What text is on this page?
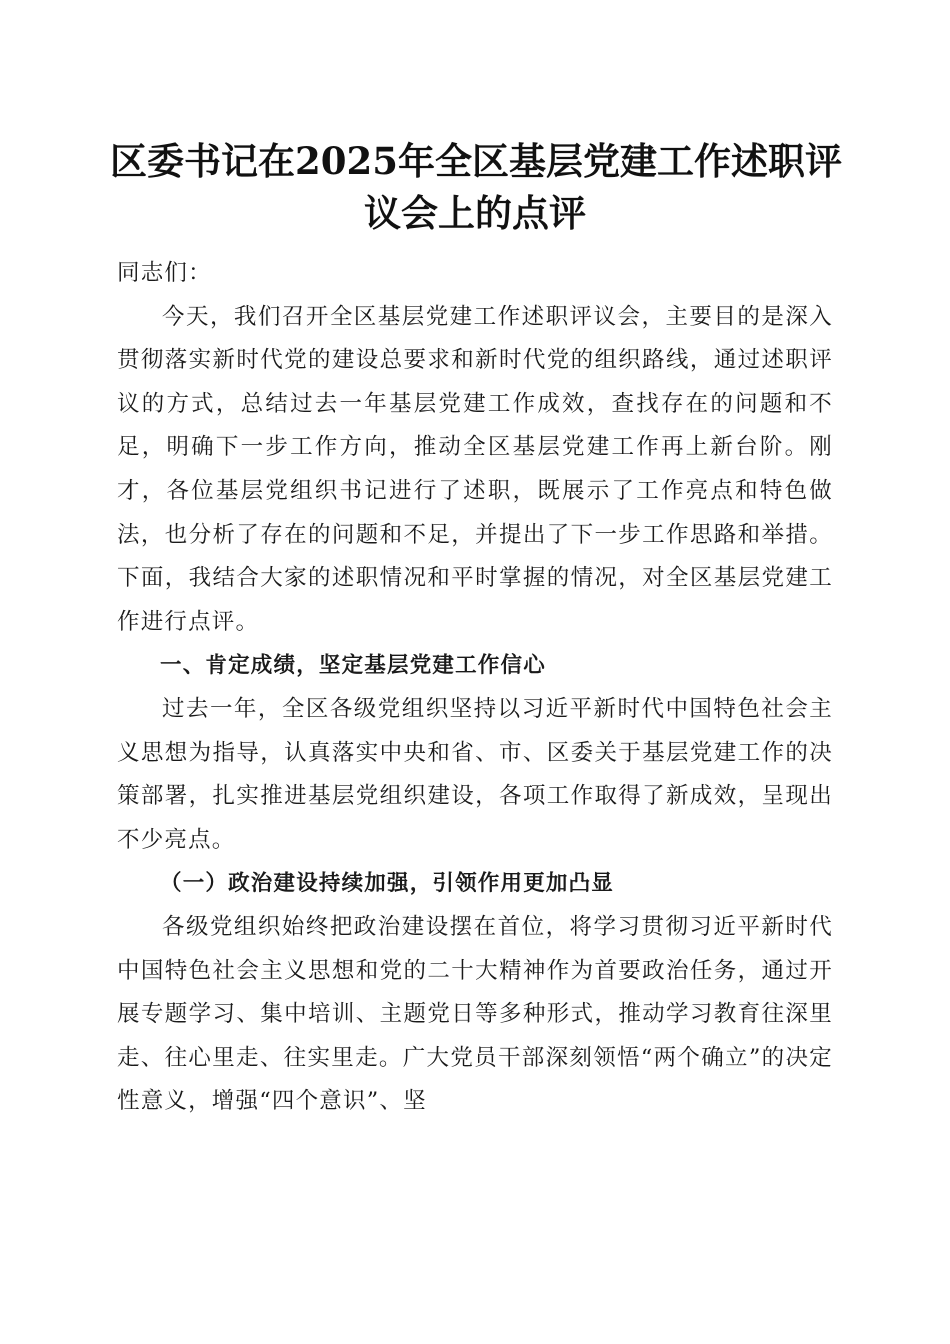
区委书记在2025年全区基层党建工作述职评
议会上的点评

同志们：

今天，我们召开全区基层党建工作述职评议会，主要目的是深入贯彻落实新时代党的建设总要求和新时代党的组织路线，通过述职评议的方式，总结过去一年基层党建工作成效，查找存在的问题和不足，明确下一步工作方向，推动全区基层党建工作再上新台阶。刚才，各位基层党组织书记进行了述职，既展示了工作亮点和特色做法，也分析了存在的问题和不足，并提出了下一步工作思路和举措。下面，我结合大家的述职情况和平时掌握的情况，对全区基层党建工作进行点评。

一、肯定成绩，坚定基层党建工作信心

过去一年，全区各级党组织坚持以习近平新时代中国特色社会主义思想为指导，认真落实中央和省、市、区委关于基层党建工作的决策部署，扎实推进基层党组织建设，各项工作取得了新成效，呈现出不少亮点。

（一）政治建设持续加强，引领作用更加凸显

各级党组织始终把政治建设摆在首位，将学习贯彻习近平新时代中国特色社会主义思想和党的二十大精神作为首要政治任务，通过开展专题学习、集中培训、主题党日等多种形式，推动学习教育往深里走、往心里走、往实里走。广大党员干部深刻领悟“两个确立”的决定性意义，增强“四个意识”、坚
